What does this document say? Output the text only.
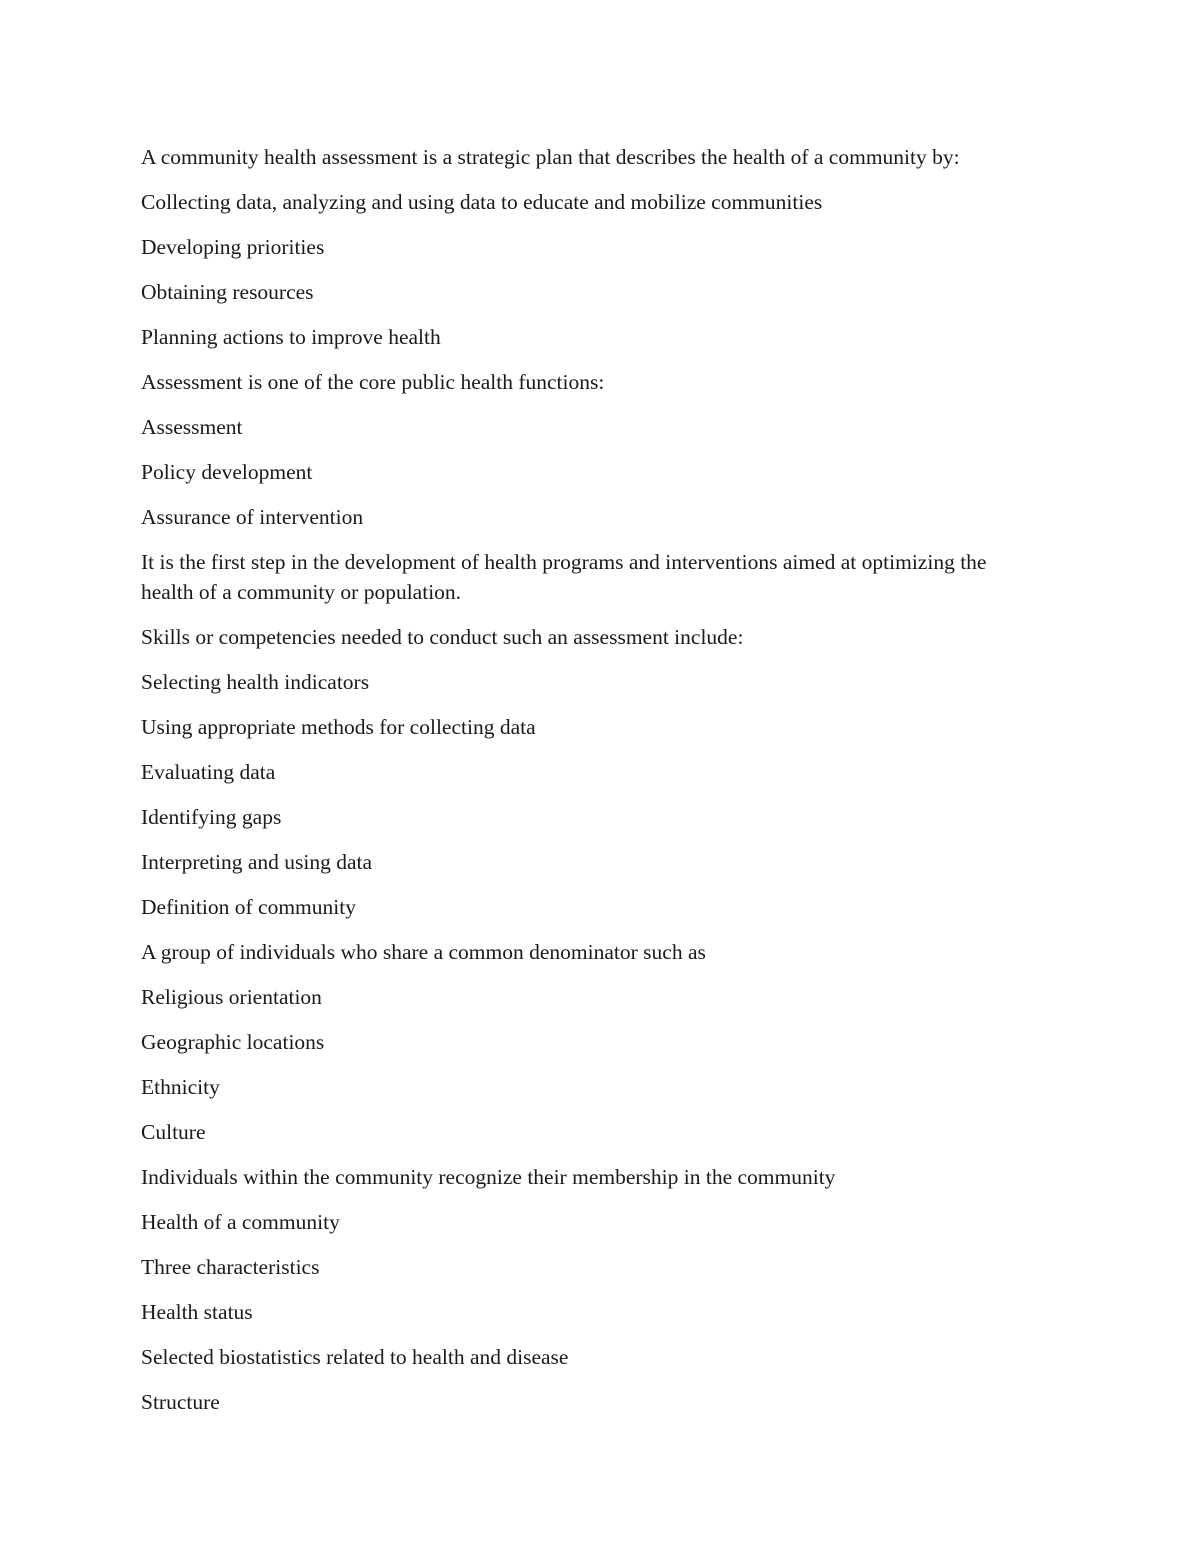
A community health assessment is a strategic plan that describes the health of a community by:

Collecting data, analyzing and using data to educate and mobilize communities

Developing priorities

Obtaining resources

Planning actions to improve health

Assessment is one of the core public health functions:

Assessment

Policy development

Assurance of intervention

It is the first step in the development of health programs and interventions aimed at optimizing the health of a community or population.

Skills or competencies needed to conduct such an assessment include:

Selecting health indicators

Using appropriate methods for collecting data

Evaluating data

Identifying gaps

Interpreting and using data

Definition of community

A group of individuals who share a common denominator such as

Religious orientation

Geographic locations

Ethnicity

Culture

Individuals within the community recognize their membership in the community

Health of a community

Three characteristics

Health status

Selected biostatistics related to health and disease

Structure
